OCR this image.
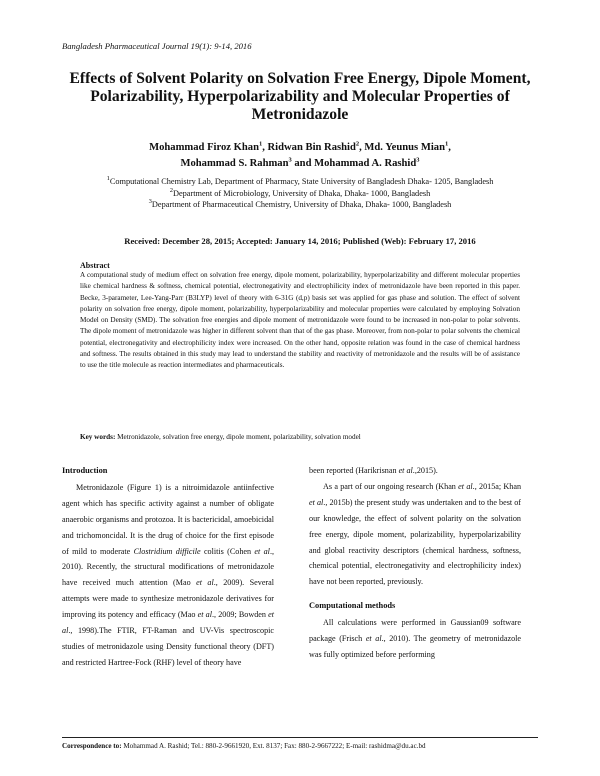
Bangladesh Pharmaceutical Journal 19(1): 9-14, 2016
Effects of Solvent Polarity on Solvation Free Energy, Dipole Moment, Polarizability, Hyperpolarizability and Molecular Properties of Metronidazole
Mohammad Firoz Khan$^1$, Ridwan Bin Rashid$^2$, Md. Yeunus Mian$^1$,
Mohammad S. Rahman$^3$ and Mohammad A. Rashid$^3$
$^1$Computational Chemistry Lab, Department of Pharmacy, State University of Bangladesh Dhaka- 1205, Bangladesh
$^2$Department of Microbiology, University of Dhaka, Dhaka- 1000, Bangladesh
$^3$Department of Pharmaceutical Chemistry, University of Dhaka, Dhaka- 1000, Bangladesh
Received: December 28, 2015; Accepted: January 14, 2016; Published (Web): February 17, 2016
Abstract
A computational study of medium effect on solvation free energy, dipole moment, polarizability, hyperpolarizability and different molecular properties like chemical hardness & softness, chemical potential, electronegativity and electrophilicity index of metronidazole have been reported in this paper. Becke, 3-parameter, Lee-Yang-Parr (B3LYP) level of theory with 6-31G (d,p) basis set was applied for gas phase and solution. The effect of solvent polarity on solvation free energy, dipole moment, polarizability, hyperpolarizability and molecular properties were calculated by employing Solvation Model on Density (SMD). The solvation free energies and dipole moment of metronidazole were found to be increased in non-polar to polar solvents. The dipole moment of metronidazole was higher in different solvent than that of the gas phase. Moreover, from non-polar to polar solvents the chemical potential, electronegativity and electrophilicity index were increased. On the other hand, opposite relation was found in the case of chemical hardness and softness. The results obtained in this study may lead to understand the stability and reactivity of metronidazole and the results will be of assistance to use the title molecule as reaction intermediates and pharmaceuticals.
Key words: Metronidazole, solvation free energy, dipole moment, polarizability, solvation model

Introduction

Metronidazole (Figure 1) is a nitroimidazole antiinfective agent which has specific activity against a number of obligate anaerobic organisms and protozoa. It is bactericidal, amoebicidal and trichomoncidal. It is the drug of choice for the first episode of mild to moderate Clostridium difficile colitis (Cohen et al., 2010). Recently, the structural modifications of metronidazole have received much attention (Mao et al., 2009). Several attempts were made to synthesize metronidazole derivatives for improving its potency and efficacy (Mao et al., 2009; Bowden et al., 1998).The FTIR, FT-Raman and UV-Vis spectroscopic studies of metronidazole using Density functional theory (DFT) and restricted Hartree-Fock (RHF) level of theory have

been reported (Harikrisnan et al.,2015).

As a part of our ongoing research (Khan et al., 2015a; Khan et al., 2015b) the present study was undertaken and to the best of our knowledge, the effect of solvent polarity on the solvation free energy, dipole moment, polarizability, hyperpolarizability and global reactivity descriptors (chemical hardness, softness, chemical potential, electronegativity and electrophilicity index) have not been reported, previously.

Computational methods

All calculations were performed in Gaussian09 software package (Frisch et al., 2010). The geometry of metronidazole was fully optimized before performing

Correspondence to: Mohammad A. Rashid; Tel.: 880-2-9661920, Ext. 8137; Fax: 880-2-9667222; E-mail: rashidma@du.ac.bd
